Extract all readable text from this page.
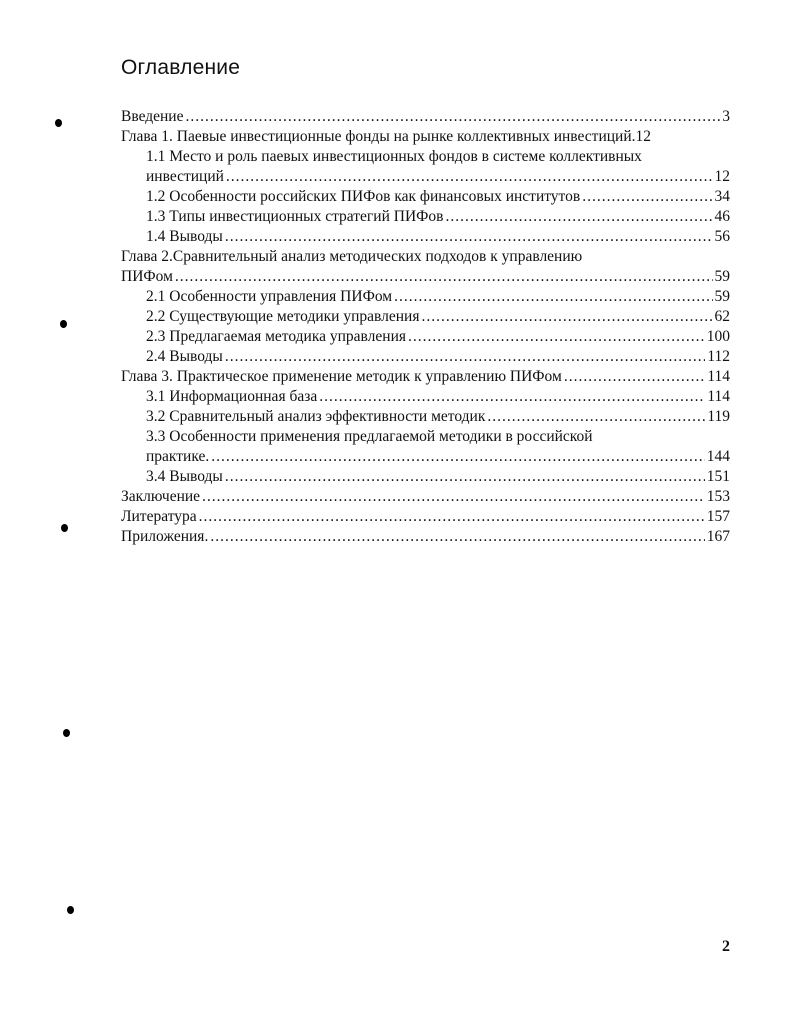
Оглавление
Введение .....	3
Глава 1. Паевые инвестиционные фонды на рынке коллективных инвестиций. 12
1.1 Место и роль паевых инвестиционных фондов в системе коллективных
инвестиций .....	12
1.2 Особенности российских ПИФов как финансовых институтов .....	34
1.3 Типы инвестиционных стратегий ПИФов .....	46
1.4 Выводы .....	56
Глава 2.Сравнительный анализ методических подходов к управлению
ПИФом .....	59
2.1 Особенности управления ПИФом .....	59
2.2 Существующие методики управления .....	62
2.3 Предлагаемая методика управления .....	100
2.4 Выводы .....	112
Глава 3. Практическое применение методик к управлению ПИФом .....	114
3.1 Информационная база .....	114
3.2 Сравнительный анализ эффективности методик .....	119
3.3 Особенности применения предлагаемой методики в российской
практике. .....	144
3.4 Выводы .....	151
Заключение .....	153
Литература .....	157
Приложения. .....	167
2
